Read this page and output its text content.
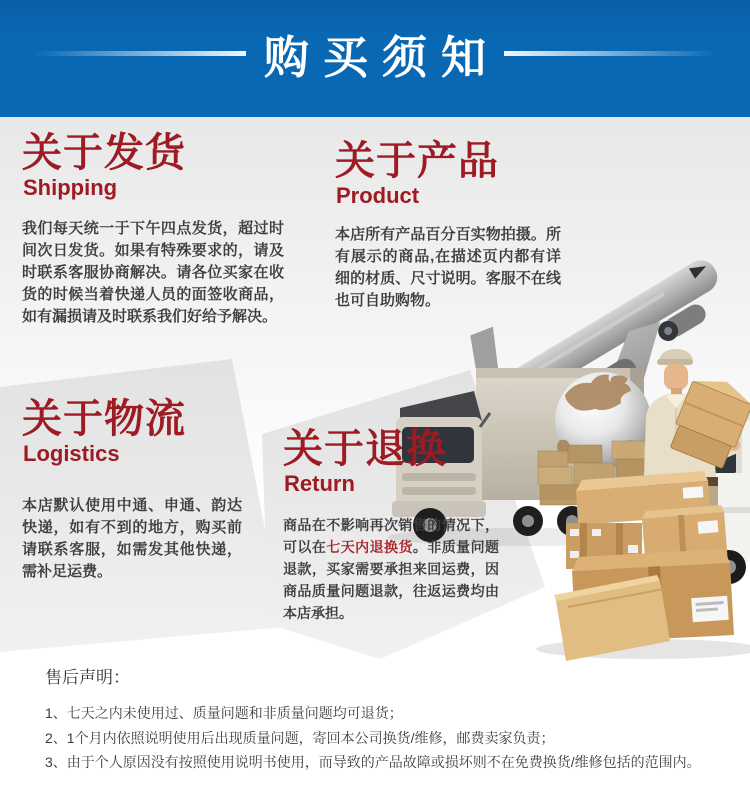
购买须知
关于发货
Shipping

我们每天统一于下午四点发货，超过时间次日发货。如果有特殊要求的，请及时联系客服协商解决。请各位买家在收货的时候当着快递人员的面签收商品，如有漏损请及时联系我们好给予解决。

关于产品
Product

本店所有产品百分百实物拍摄。所有展示的商品,在描述页内都有详细的材质、尺寸说明。客服不在线也可自助购物。

关于物流
Logistics

本店默认使用中通、申通、韵达快递，如有不到的地方，购买前请联系客服，如需发其他快递，需补足运费。

关于退换
Return

商品在不影响再次销售的情况下，可以在七天内退换货。非质量问题退款，买家需要承担来回运费，因商品质量问题退款，往返运费均由本店承担。

售后声明：

1、七天之内未使用过、质量问题和非质量问题均可退货；
2、1个月内依照说明使用后出现质量问题，寄回本公司换货/维修，邮费卖家负责；
3、由于个人原因没有按照使用说明书使用，而导致的产品故障或损坏则不在免费换货/维修包括的范围内。
